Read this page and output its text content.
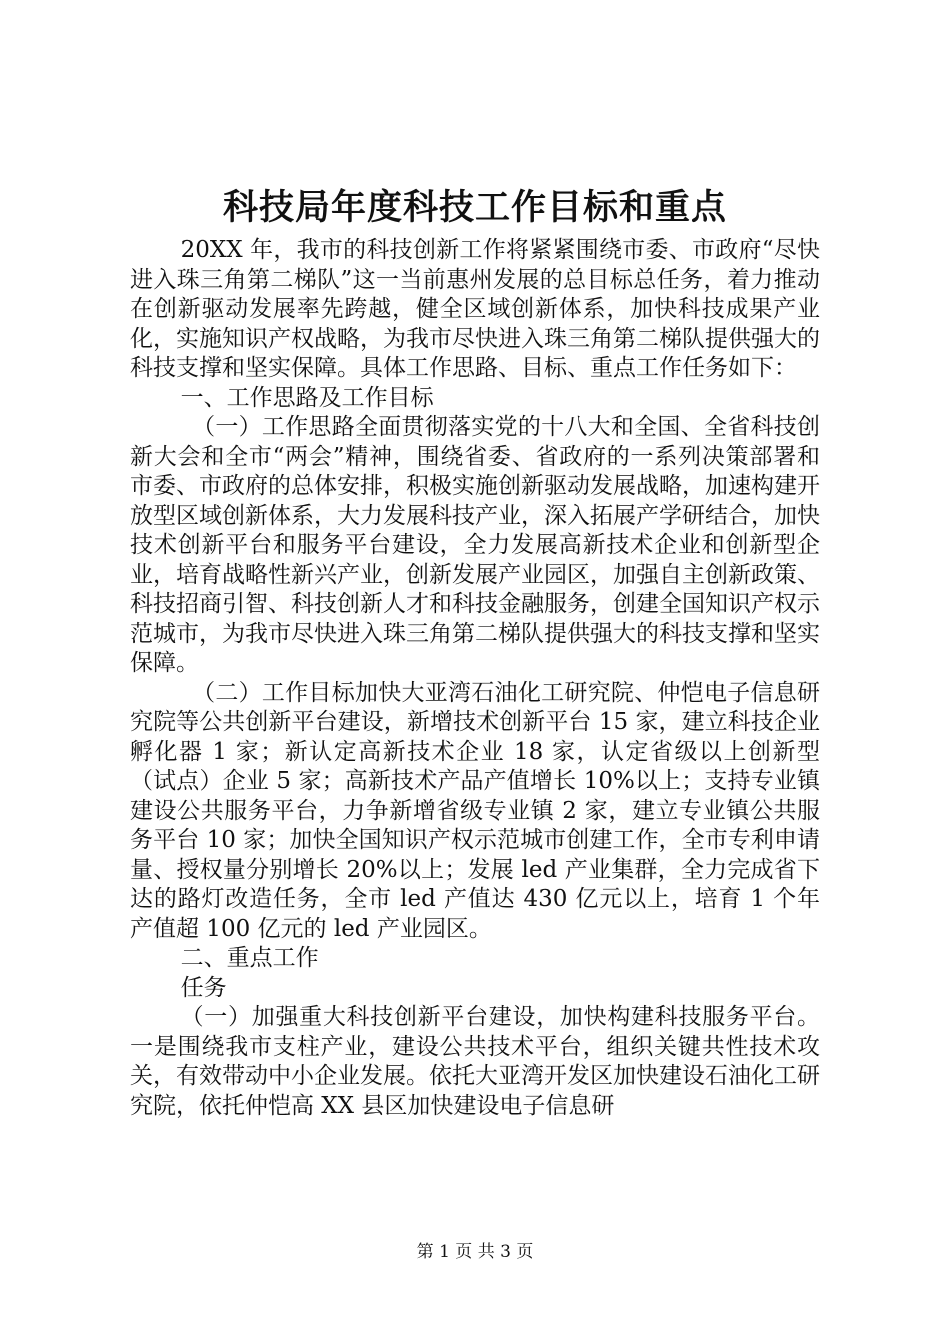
科技局年度科技工作目标和重点

20XX 年，我市的科技创新工作将紧紧围绕市委、市政府“尽快进入珠三角第二梯队”这一当前惠州发展的总目标总任务，着力推动在创新驱动发展率先跨越，健全区域创新体系，加快科技成果产业化，实施知识产权战略，为我市尽快进入珠三角第二梯队提供强大的科技支撑和坚实保障。具体工作思路、目标、重点工作任务如下：

一、工作思路及工作目标

（一）工作思路全面贯彻落实党的十八大和全国、全省科技创新大会和全市“两会”精神，围绕省委、省政府的一系列决策部署和市委、市政府的总体安排，积极实施创新驱动发展战略，加速构建开放型区域创新体系，大力发展科技产业，深入拓展产学研结合，加快技术创新平台和服务平台建设，全力发展高新技术企业和创新型企业，培育战略性新兴产业，创新发展产业园区，加强自主创新政策、科技招商引智、科技创新人才和科技金融服务，创建全国知识产权示范城市，为我市尽快进入珠三角第二梯队提供强大的科技支撑和坚实保障。

（二）工作目标加快大亚湾石油化工研究院、仲恺电子信息研究院等公共创新平台建设，新增技术创新平台 15 家，建立科技企业孵化器 1 家；新认定高新技术企业 18 家，认定省级以上创新型（试点）企业 5 家；高新技术产品产值增长 10%以上；支持专业镇建设公共服务平台，力争新增省级专业镇 2 家，建立专业镇公共服务平台 10 家；加快全国知识产权示范城市创建工作，全市专利申请量、授权量分别增长 20%以上；发展 led 产业集群，全力完成省下达的路灯改造任务，全市 led 产值达 430 亿元以上，培育 1 个年产值超 100 亿元的 led 产业园区。

二、重点工作

任务

（一）加强重大科技创新平台建设，加快构建科技服务平台。一是围绕我市支柱产业，建设公共技术平台，组织关键共性技术攻关，有效带动中小企业发展。依托大亚湾开发区加快建设石油化工研究院，依托仲恺高 XX 县区加快建设电子信息研

第 1 页 共 3 页
